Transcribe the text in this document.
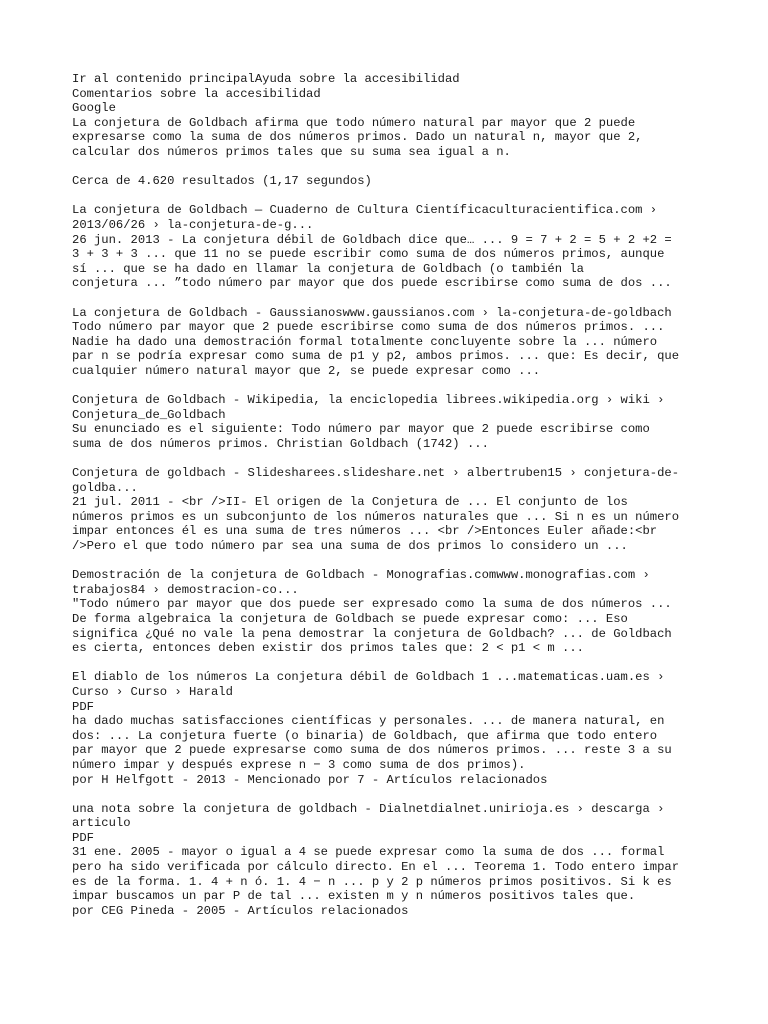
Ir al contenido principalAyuda sobre la accesibilidad
Comentarios sobre la accesibilidad
Google
La conjetura de Goldbach afirma que todo número natural par mayor que 2 puede
expresarse como la suma de dos números primos. Dado un natural n, mayor que 2,
calcular dos números primos tales que su suma sea igual a n.
Cerca de 4.620 resultados (1,17 segundos)
La conjetura de Goldbach — Cuaderno de Cultura Científicaculturacientifica.com ›
2013/06/26 › la-conjetura-de-g...
26 jun. 2013 - La conjetura débil de Goldbach dice que… ... 9 = 7 + 2 = 5 + 2 +2 =
3 + 3 + 3 ... que 11 no se puede escribir como suma de dos números primos, aunque
sí ... que se ha dado en llamar la conjetura de Goldbach (o también la
conjetura ... ”todo número par mayor que dos puede escribirse como suma de dos ...
La conjetura de Goldbach - Gaussianoswww.gaussianos.com › la-conjetura-de-goldbach
Todo número par mayor que 2 puede escribirse como suma de dos números primos. ...
Nadie ha dado una demostración formal totalmente concluyente sobre la ... número
par n se podría expresar como suma de p1 y p2, ambos primos. ... que: Es decir, que
cualquier número natural mayor que 2, se puede expresar como ...
Conjetura de Goldbach - Wikipedia, la enciclopedia librees.wikipedia.org › wiki ›
Conjetura_de_Goldbach
Su enunciado es el siguiente: Todo número par mayor que 2 puede escribirse como
suma de dos números primos. Christian Goldbach (1742) ...
Conjetura de goldbach - Slidesharees.slideshare.net › albertruben15 › conjetura-de-
goldba...
21 jul. 2011 - <br />II- El origen de la Conjetura de ... El conjunto de los
números primos es un subconjunto de los números naturales que ... Si n es un número
impar entonces él es una suma de tres números ... <br />Entonces Euler añade:<br
/>Pero el que todo número par sea una suma de dos primos lo considero un ...
Demostración de la conjetura de Goldbach - Monografias.comwww.monografias.com ›
trabajos84 › demostracion-co...
"Todo número par mayor que dos puede ser expresado como la suma de dos números ...
De forma algebraica la conjetura de Goldbach se puede expresar como: ... Eso
significa ¿Qué no vale la pena demostrar la conjetura de Goldbach? ... de Goldbach
es cierta, entonces deben existir dos primos tales que: 2 < p1 < m ...
El diablo de los números La conjetura débil de Goldbach 1 ...matematicas.uam.es ›
Curso › Curso › Harald
PDF
ha dado muchas satisfacciones científicas y personales. ... de manera natural, en
dos: ... La conjetura fuerte (o binaria) de Goldbach, que afirma que todo entero
par mayor que 2 puede expresarse como suma de dos números primos. ... reste 3 a su
número impar y después exprese n − 3 como suma de dos primos).
por H Helfgott - 2013 - Mencionado por 7 - Artículos relacionados
una nota sobre la conjetura de goldbach - Dialnetdialnet.unirioja.es › descarga ›
articulo
PDF
31 ene. 2005 - mayor o igual a 4 se puede expresar como la suma de dos ... formal
pero ha sido verificada por cálculo directo. En el ... Teorema 1. Todo entero impar
es de la forma. 1. 4 + n ó. 1. 4 − n ... p y 2 p números primos positivos. Si k es
impar buscamos un par P de tal ... existen m y n números positivos tales que.
por CEG Pineda - 2005 - Artículos relacionados
